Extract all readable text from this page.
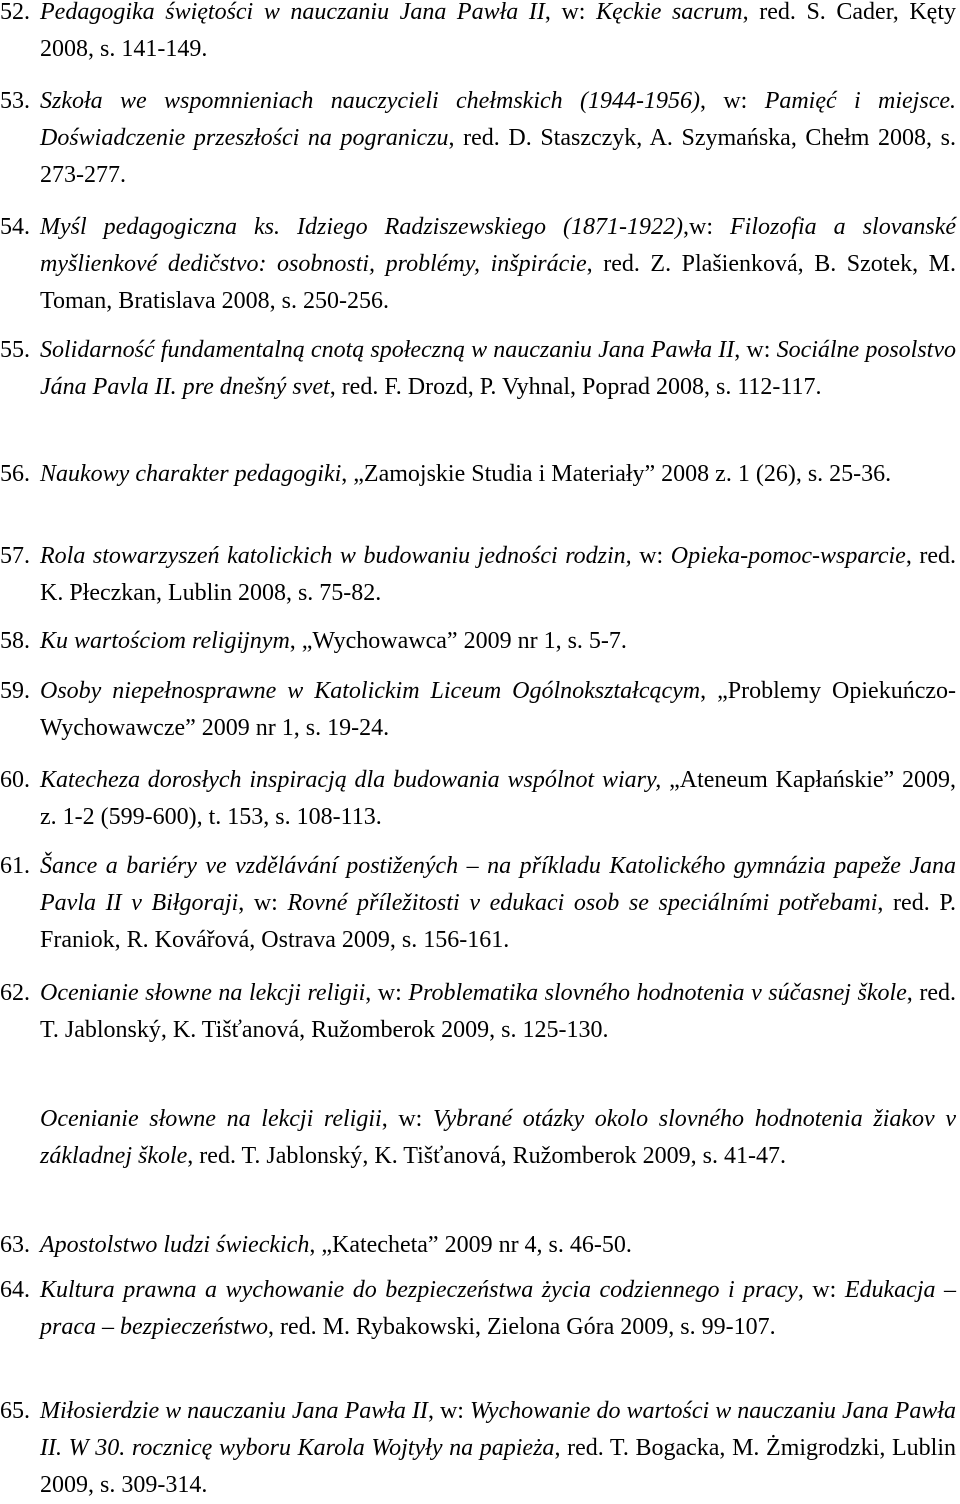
52. Pedagogika świętości w nauczaniu Jana Pawła II, w: Kęckie sacrum, red. S. Cader, Kęty 2008, s. 141-149.
53. Szkoła we wspomnieniach nauczycieli chełmskich (1944-1956), w: Pamięć i miejsce. Doświadczenie przeszłości na pograniczu, red. D. Staszczyk, A. Szymańska, Chełm 2008, s. 273-277.
54. Myśl pedagogiczna ks. Idziego Radziszewskiego (1871-1922),w: Filozofia a slovanské myšlienkové dedičstvo: osobnosti, problémy, inšpirácie, red. Z. Plašienková, B. Szotek, M. Toman, Bratislava 2008, s. 250-256.
55. Solidarność fundamentalną cnotą społeczną w nauczaniu Jana Pawła II, w: Sociálne posolstvo Jána Pavla II. pre dnešný svet, red. F. Drozd, P. Vyhnal, Poprad 2008, s. 112-117.
56. Naukowy charakter pedagogiki, „Zamojskie Studia i Materiały” 2008 z. 1 (26), s. 25-36.
57. Rola stowarzyszeń katolickich w budowaniu jedności rodzin, w: Opieka-pomoc-wsparcie, red. K. Płeczkan, Lublin 2008, s. 75-82.
58. Ku wartościom religijnym, „Wychowawca” 2009 nr 1, s. 5-7.
59. Osoby niepełnosprawne w Katolickim Liceum Ogólnokształcącym, „Problemy Opiekuńczo-Wychowawcze” 2009 nr 1, s. 19-24.
60. Katecheza dorosłych inspiracją dla budowania wspólnot wiary, „Ateneum Kapłańskie” 2009, z. 1-2 (599-600), t. 153, s. 108-113.
61. Šance a bariéry ve vzdělávání postižených – na příkladu Katolického gymnázia papeže Jana Pavla II v Biłgoraji, w: Rovné příležitosti v edukaci osob se speciálními potřebami, red. P. Franiok, R. Kovářová, Ostrava 2009, s. 156-161.
62. Ocenianie słowne na lekcji religii, w: Problematika slovného hodnotenia v súčasnej škole, red. T. Jablonský, K. Tišťanová, Ružomberok 2009, s. 125-130.
Ocenianie słowne na lekcji religii, w: Vybrané otázky okolo slovného hodnotenia žiakov v základnej škole, red. T. Jablonský, K. Tišťanová, Ružomberok 2009, s. 41-47.
63. Apostolstwo ludzi świeckich, „Katecheta” 2009 nr 4, s. 46-50.
64. Kultura prawna a wychowanie do bezpieczeństwa życia codziennego i pracy, w: Edukacja – praca – bezpieczeństwo, red. M. Rybakowski, Zielona Góra 2009, s. 99-107.
65. Miłosierdzie w nauczaniu Jana Pawła II, w: Wychowanie do wartości w nauczaniu Jana Pawła II. W 30. rocznicę wyboru Karola Wojtyły na papieża, red. T. Bogacka, M. Żmigrodzki, Lublin 2009, s. 309-314.
